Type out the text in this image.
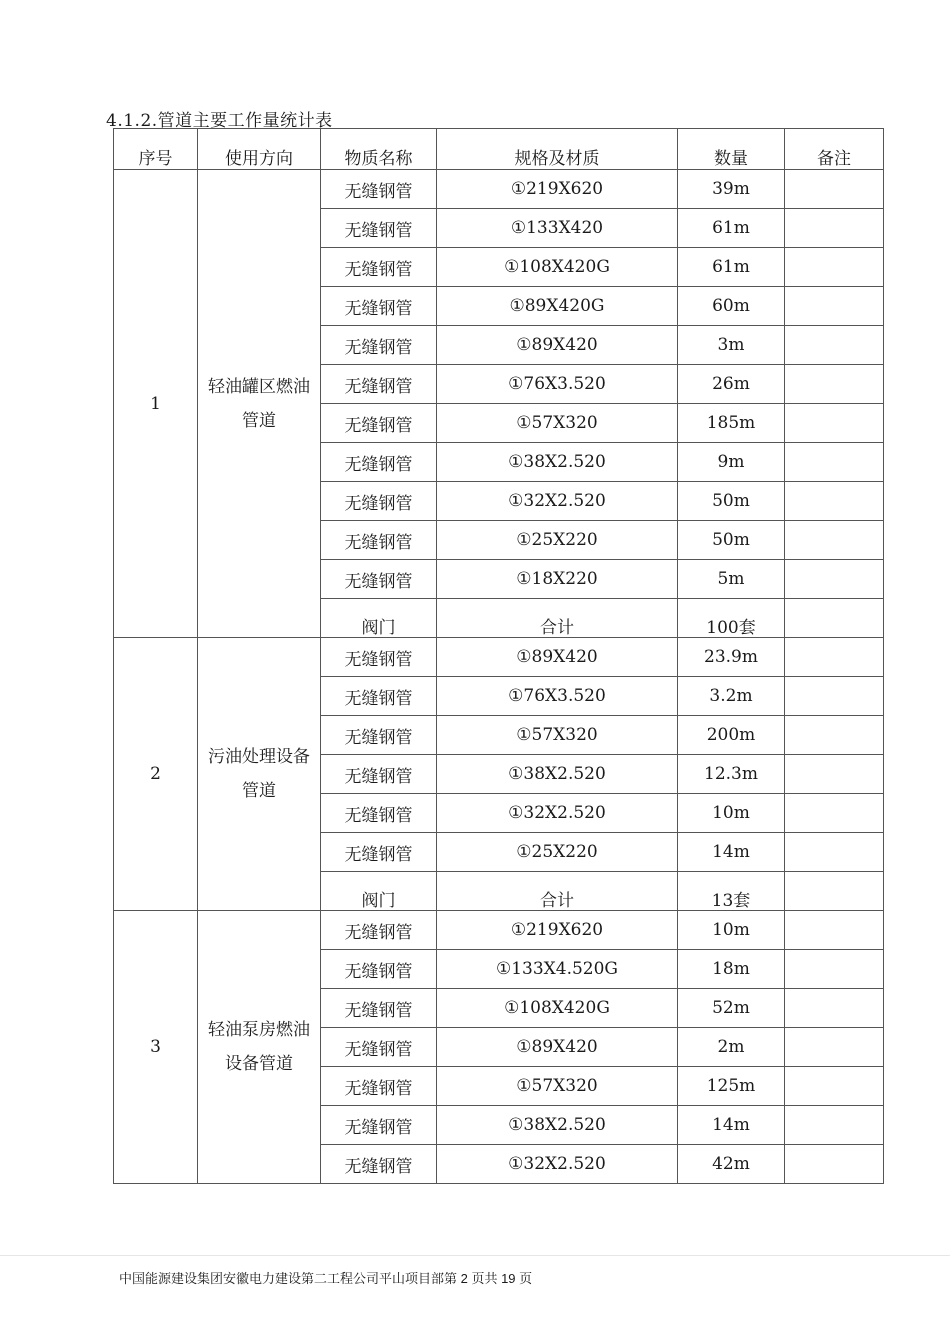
4.1.2.管道主要工作量统计表
序号	使用方向	物质名称	规格及材质	数量	备注
1	轻油罐区燃油管道	无缝钢管	①219X620	39m	
		无缝钢管	①133X420	61m	
		无缝钢管	①108X420G	61m	
		无缝钢管	①89X420G	60m	
		无缝钢管	①89X420	3m	
		无缝钢管	①76X3.520	26m	
		无缝钢管	①57X320	185m	
		无缝钢管	①38X2.520	9m	
		无缝钢管	①32X2.520	50m	
		无缝钢管	①25X220	50m	
		无缝钢管	①18X220	5m	
		阀门	合计	100套	
2	污油处理设备管道	无缝钢管	①89X420	23.9m	
		无缝钢管	①76X3.520	3.2m	
		无缝钢管	①57X320	200m	
		无缝钢管	①38X2.520	12.3m	
		无缝钢管	①32X2.520	10m	
		无缝钢管	①25X220	14m	
		阀门	合计	13套	
3	轻油泵房燃油设备管道	无缝钢管	①219X620	10m	
		无缝钢管	①133X4.520G	18m	
		无缝钢管	①108X420G	52m	
		无缝钢管	①89X420	2m	
		无缝钢管	①57X320	125m	
		无缝钢管	①38X2.520	14m	
		无缝钢管	①32X2.520	42m	
中国能源建设集团安徽电力建设第二工程公司平山项目部第 2 页共 19 页
